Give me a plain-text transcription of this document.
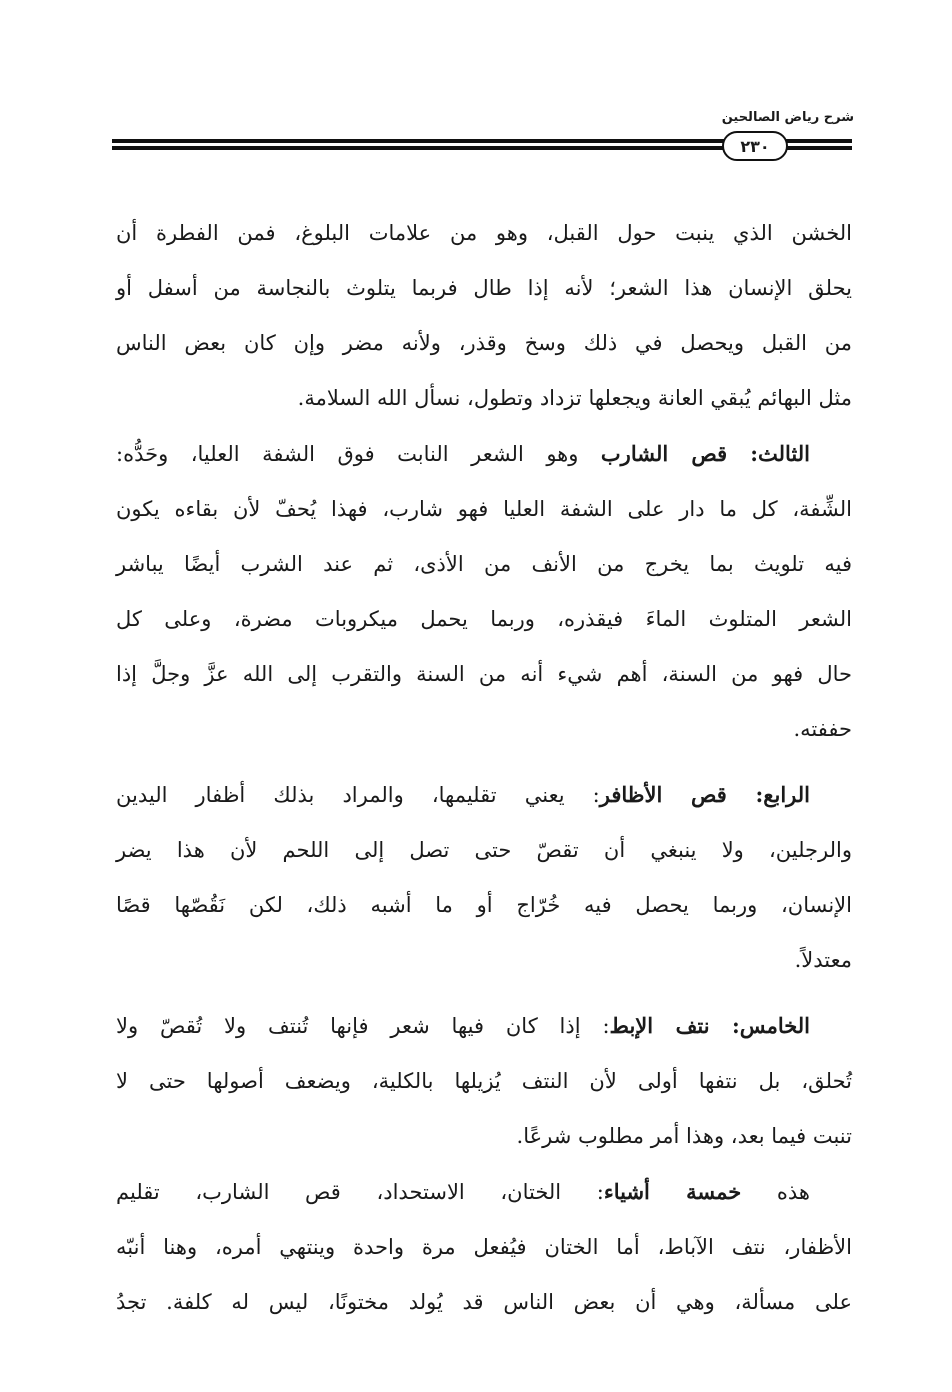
شرح رياض الصالحين
٢٣٠

الخشن الذي ينبت حول القبل، وهو من علامات البلوغ، فمن الفطرة أن
يحلق الإنسان هذا الشعر؛ لأنه إذا طال فربما يتلوث بالنجاسة من أسفل أو
من القبل ويحصل في ذلك وسخ وقذر، ولأنه مضر وإن كان بعض الناس
مثل البهائم يُبقي العانة ويجعلها تزداد وتطول، نسأل الله السلامة.

الثالث: قص الشارب وهو الشعر النابت فوق الشفة العليا، وحَدُّه:
الشِّفة، كل ما دار على الشفة العليا فهو شارب، فهذا يُحفّ لأن بقاءه يكون
فيه تلويث بما يخرج من الأنف من الأذى، ثم عند الشرب أيضًا يباشر
الشعر المتلوث الماءَ فيقذره، وربما يحمل ميكروبات مضرة، وعلى كل
حال فهو من السنة، أهم شيء أنه من السنة والتقرب إلى الله عزَّ وجلَّ إذا
حففته.

الرابع: قص الأظافر: يعني تقليمها، والمراد بذلك أظفار اليدين
والرجلين، ولا ينبغي أن تقصّ حتى تصل إلى اللحم لأن هذا يضر
الإنسان، وربما يحصل فيه خُرّاج أو ما أشبه ذلك، لكن نَقُصّها قصًا
معتدلاً.

الخامس: نتف الإبط: إذا كان فيها شعر فإنها تُنتف ولا تُقصّ ولا
تُحلق، بل نتفها أولى لأن النتف يُزيلها بالكلية، ويضعف أصولها حتى لا
تنبت فيما بعد، وهذا أمر مطلوب شرعًا.

هذه خمسة أشياء: الختان، الاستحداد، قص الشارب، تقليم
الأظفار، نتف الآباط، أما الختان فيُفعل مرة واحدة وينتهي أمره، وهنا أنبّه
على مسألة، وهي أن بعض الناس قد يُولد مختونًا، ليس له كلفة. تجدُ
